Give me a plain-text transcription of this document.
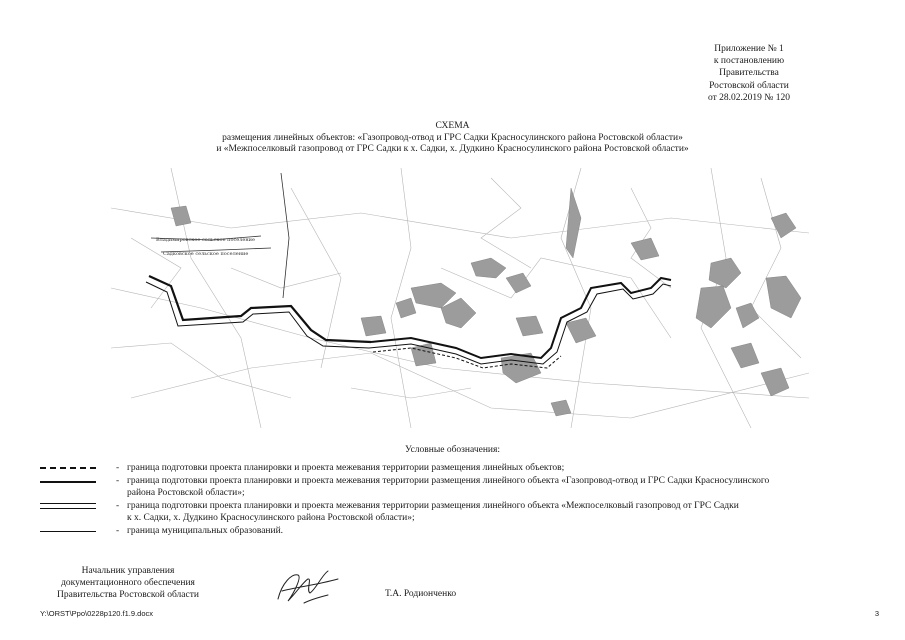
Приложение № 1
к постановлению
Правительства
Ростовской области
от 28.02.2019 № 120
СХЕМА
размещения линейных объектов: «Газопровод-отвод и ГРС Садки Красносулинского района Ростовской области»
и «Межпоселковый газопровод от ГРС Садки к х. Садки, х. Дудкино Красносулинского района Ростовской области»
Владимировское сельское поселение
Садковское сельское поселение
Условные обозначения:
- граница подготовки проекта планировки и проекта межевания территории размещения линейных объектов;
- граница подготовки проекта планировки и проекта межевания территории размещения линейного объекта «Газопровод-отвод и ГРС Садки Красносулинского
района Ростовской области»;
- граница подготовки проекта планировки и проекта межевания территории размещения линейного объекта «Межпоселковый газопровод от ГРС Садки
к х. Садки, х. Дудкино Красносулинского района Ростовской области»;
- граница муниципальных образований.
Начальник управления
документационного обеспечения
Правительства Ростовской области	Т.А. Родионченко
Y:\ORST\Ppo\0228p120.f1.9.docx	3
